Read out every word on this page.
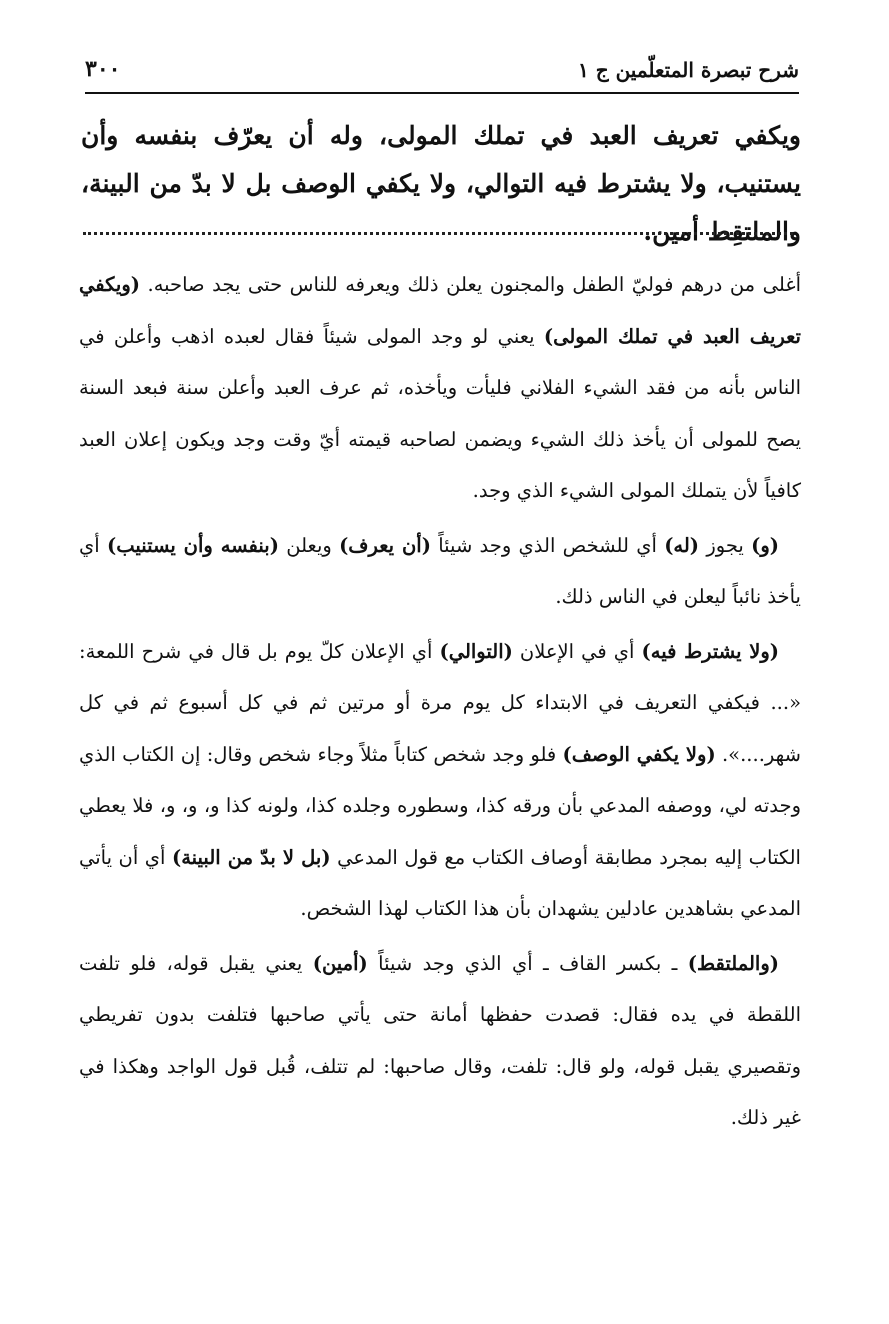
شرح تبصرة المتعلّمين ج ١
٣٠٠

ويكفي تعريف العبد في تملك المولى، وله أن يعرّف بنفسه وأن يستنيب، ولا يشترط فيه التوالي، ولا يكفي الوصف بل لا بدّ من البينة، والملتقِط أمين.

أغلى من درهم فوليّ الطفل والمجنون يعلن ذلك ويعرفه للناس حتى يجد صاحبه. (ويكفي تعريف العبد في تملك المولى) يعني لو وجد المولى شيئاً فقال لعبده اذهب وأعلن في الناس بأنه من فقد الشيء الفلاني فليأت ويأخذه، ثم عرف العبد وأعلن سنة فبعد السنة يصح للمولى أن يأخذ ذلك الشيء ويضمن لصاحبه قيمته أيّ وقت وجد ويكون إعلان العبد كافياً لأن يتملك المولى الشيء الذي وجد.

(و) يجوز (له) أي للشخص الذي وجد شيئاً (أن يعرف) ويعلن (بنفسه وأن يستنيب) أي يأخذ نائباً ليعلن في الناس ذلك.

(ولا يشترط فيه) أي في الإعلان (التوالي) أي الإعلان كلّ يوم بل قال في شرح اللمعة: «... فيكفي التعريف في الابتداء كل يوم مرة أو مرتين ثم في كل أسبوع ثم في كل شهر....». (ولا يكفي الوصف) فلو وجد شخص كتاباً مثلاً وجاء شخص وقال: إن الكتاب الذي وجدته لي، ووصفه المدعي بأن ورقه كذا، وسطوره وجلده كذا، ولونه كذا و، و، و، فلا يعطي الكتاب إليه بمجرد مطابقة أوصاف الكتاب مع قول المدعي (بل لا بدّ من البينة) أي أن يأتي المدعي بشاهدين عادلين يشهدان بأن هذا الكتاب لهذا الشخص.

(والملتقط) ـ بكسر القاف ـ أي الذي وجد شيئاً (أمين) يعني يقبل قوله، فلو تلفت اللقطة في يده فقال: قصدت حفظها أمانة حتى يأتي صاحبها فتلفت بدون تفريطي وتقصيري يقبل قوله، ولو قال: تلفت، وقال صاحبها: لم تتلف، قُبل قول الواجد وهكذا في غير ذلك.
